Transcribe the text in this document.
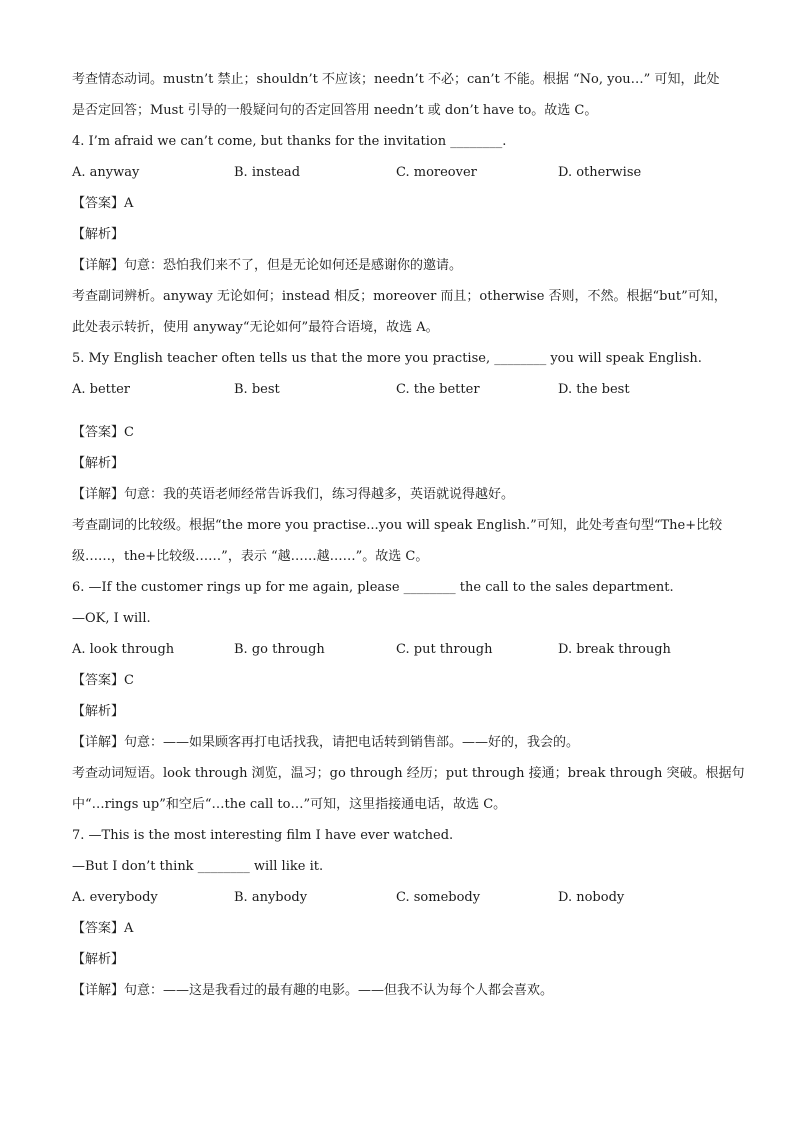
考查情态动词。mustn’t 禁止；shouldn’t 不应该；needn’t 不必；can’t 不能。根据 “No, you…” 可知，此处
是否定回答；Must 引导的一般疑问句的否定回答用 needn’t 或 don’t have to。故选 C。
4. I’m afraid we can’t come, but thanks for the invitation ________.
A. anyway	B. instead	C. moreover	D. otherwise
【答案】A
【解析】
【详解】句意：恐怕我们来不了，但是无论如何还是感谢你的邀请。
考查副词辨析。anyway 无论如何；instead 相反；moreover 而且；otherwise 否则，不然。根据“but”可知，
此处表示转折，使用 anyway“无论如何”最符合语境，故选 A。
5. My English teacher often tells us that the more you practise, ________ you will speak English.
A. better	B. best	C. the better	D. the best
【答案】C
【解析】
【详解】句意：我的英语老师经常告诉我们，练习得越多，英语就说得越好。
考查副词的比较级。根据“the more you practise...you will speak English.”可知，此处考查句型“The+比较
级……，the+比较级……”，表示 “越……越……”。故选 C。
6. —If the customer rings up for me again, please ________ the call to the sales department.
—OK, I will.
A. look through	B. go through	C. put through	D. break through
【答案】C
【解析】
【详解】句意：——如果顾客再打电话找我，请把电话转到销售部。——好的，我会的。
考查动词短语。look through 浏览，温习；go through 经历；put through 接通；break through 突破。根据句
中“…rings up”和空后“…the call to…”可知，这里指接通电话，故选 C。
7. —This is the most interesting film I have ever watched.
—But I don’t think ________ will like it.
A. everybody	B. anybody	C. somebody	D. nobody
【答案】A
【解析】
【详解】句意：——这是我看过的最有趣的电影。——但我不认为每个人都会喜欢。
